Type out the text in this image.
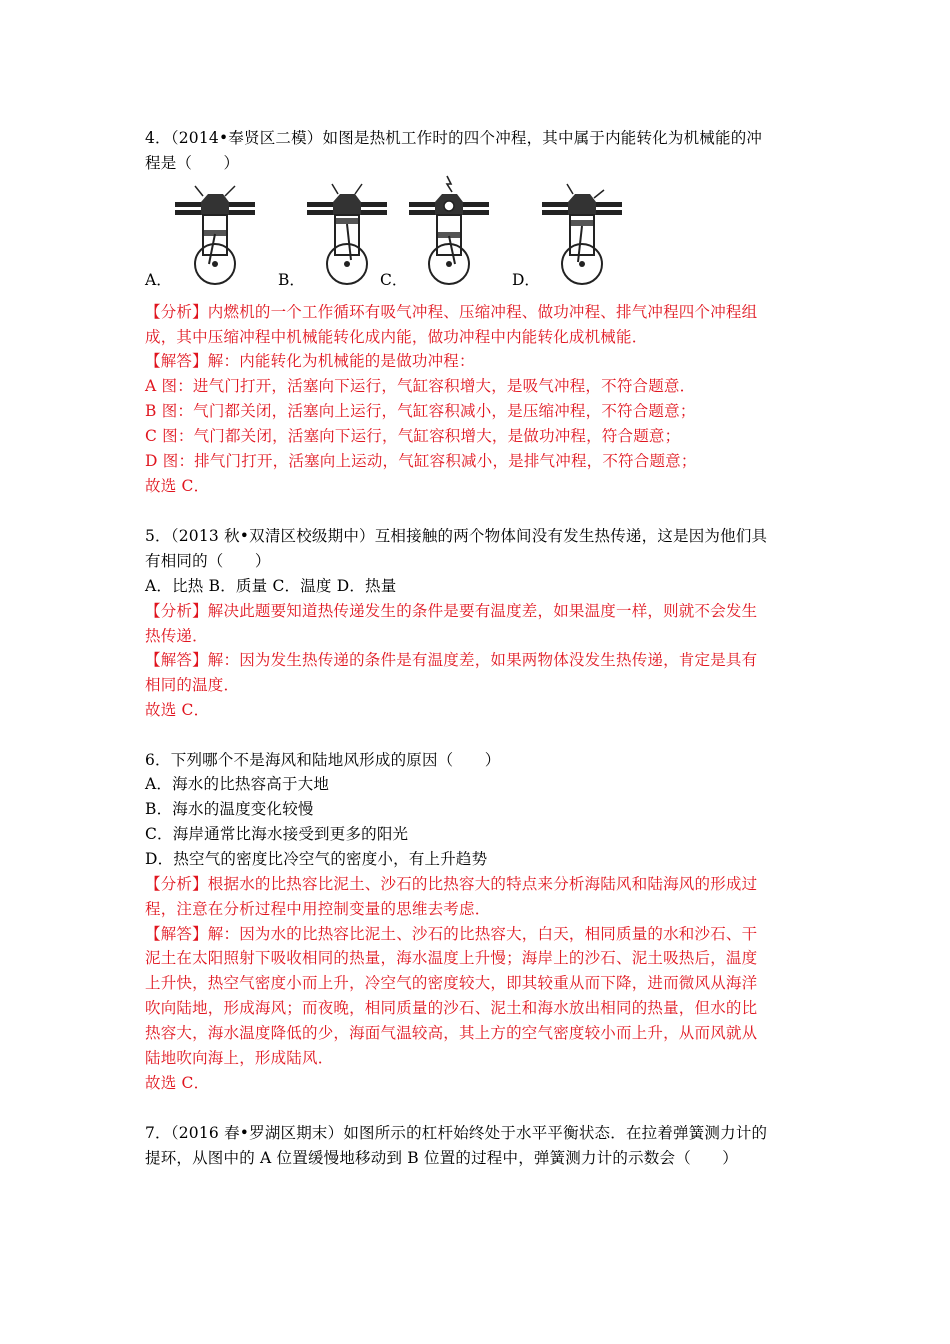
4．（2014•奉贤区二模）如图是热机工作时的四个冲程，其中属于内能转化为机械能的冲
程是（　　）
A．	B．	C．	D．
【分析】内燃机的一个工作循环有吸气冲程、压缩冲程、做功冲程、排气冲程四个冲程组
成，其中压缩冲程中机械能转化成内能，做功冲程中内能转化成机械能．
【解答】解：内能转化为机械能的是做功冲程：
A 图：进气门打开，活塞向下运行，气缸容积增大，是吸气冲程，不符合题意．
B 图：气门都关闭，活塞向上运行，气缸容积减小，是压缩冲程，不符合题意；
C 图：气门都关闭，活塞向下运行，气缸容积增大，是做功冲程，符合题意；
D 图：排气门打开，活塞向上运动，气缸容积减小，是排气冲程，不符合题意；
故选 C．
5．（2013 秋•双清区校级期中）互相接触的两个物体间没有发生热传递，这是因为他们具
有相同的（　　）
A．比热 B．质量 C．温度 D．热量
【分析】解决此题要知道热传递发生的条件是要有温度差，如果温度一样，则就不会发生
热传递．
【解答】解：因为发生热传递的条件是有温度差，如果两物体没发生热传递，肯定是具有
相同的温度．
故选 C．
6．下列哪个不是海风和陆地风形成的原因（　　）
A．海水的比热容高于大地
B．海水的温度变化较慢
C．海岸通常比海水接受到更多的阳光
D．热空气的密度比冷空气的密度小，有上升趋势
【分析】根据水的比热容比泥土、沙石的比热容大的特点来分析海陆风和陆海风的形成过
程，注意在分析过程中用控制变量的思维去考虑．
【解答】解：因为水的比热容比泥土、沙石的比热容大，白天，相同质量的水和沙石、干
泥土在太阳照射下吸收相同的热量，海水温度上升慢；海岸上的沙石、泥土吸热后，温度
上升快，热空气密度小而上升，冷空气的密度较大，即其较重从而下降，进而微风从海洋
吹向陆地，形成海风；而夜晚，相同质量的沙石、泥土和海水放出相同的热量，但水的比
热容大，海水温度降低的少，海面气温较高，其上方的空气密度较小而上升，从而风就从
陆地吹向海上，形成陆风．
故选 C．
7．（2016 春•罗湖区期末）如图所示的杠杆始终处于水平平衡状态．在拉着弹簧测力计的
提环，从图中的 A 位置缓慢地移动到 B 位置的过程中，弹簧测力计的示数会（　　）
